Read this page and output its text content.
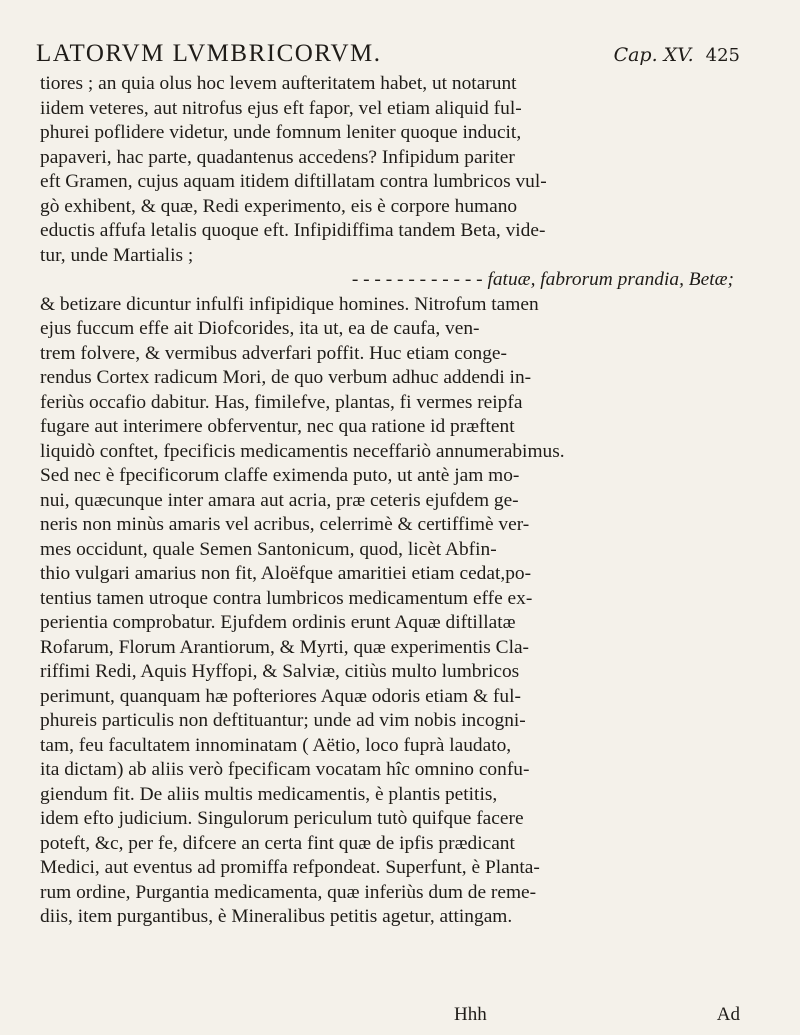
LATORVM LVMBRICORVM.	Cap. XV. 425
tiores ; an quia olus hoc levem aufteritatem habet, ut notarunt
iidem veteres, aut nitrofus ejus eft fapor, vel etiam aliquid ful-
phurei poflidere videtur, unde fomnum leniter quoque inducit,
papaveri, hac parte, quadantenus accedens? Infipidum pariter
eft Gramen, cujus aquam itidem diftillatam contra lumbricos vul-
gò exhibent, & quæ, Redi experimento, eis è corpore humano
eductis affufa letalis quoque eft. Infipidiffima tandem Beta, vide-
tur, unde Martialis ;
- - - - - - - - - - - - fatuæ, fabrorum prandia, Betæ;
& betizare dicuntur infulfi infipidique homines. Nitrofum tamen
ejus fuccum effe ait Diofcorides, ita ut, ea de caufa, ven-
trem folvere, & vermibus adverfari poffit. Huc etiam conge-
rendus Cortex radicum Mori, de quo verbum adhuc addendi in-
feriùs occafio dabitur. Has, fimilefve, plantas, fi vermes reipfa
fugare aut interimere obferventur, nec qua ratione id præftent
liquidò conftet, fpecificis medicamentis neceffariò annumerabimus.
Sed nec è fpecificorum claffe eximenda puto, ut antè jam mo-
nui, quæcunque inter amara aut acria, præ ceteris ejufdem ge-
neris non minùs amaris vel acribus, celerrimè & certiffimè ver-
mes occidunt, quale Semen Santonicum, quod, licèt Abfin-
thio vulgari amarius non fit, Aloëfque amaritiei etiam cedat,po-
tentius tamen utroque contra lumbricos medicamentum effe ex-
perientia comprobatur. Ejufdem ordinis erunt Aquæ diftillatæ
Rofarum, Florum Arantiorum, & Myrti, quæ experimentis Cla-
riffimi Redi, Aquis Hyffopi, & Salviæ, citiùs multo lumbricos
perimunt, quanquam hæ pofteriores Aquæ odoris etiam & ful-
phureis particulis non deftituantur; unde ad vim nobis incogni-
tam, feu facultatem innominatam ( Aëtio, loco fuprà laudato,
ita dictam) ab aliis verò fpecificam vocatam hîc omnino confu-
giendum fit. De aliis multis medicamentis, è plantis petitis,
idem efto judicium. Singulorum periculum tutò quifque facere
poteft, &c, per fe, difcere an certa fint quæ de ipfis prædicant
Medici, aut eventus ad promiffa refpondeat. Superfunt, è Planta-
rum ordine, Purgantia medicamenta, quæ inferiùs dum de reme-
diis, item purgantibus, è Mineralibus petitis agetur, attingam.
Hhh	Ad
